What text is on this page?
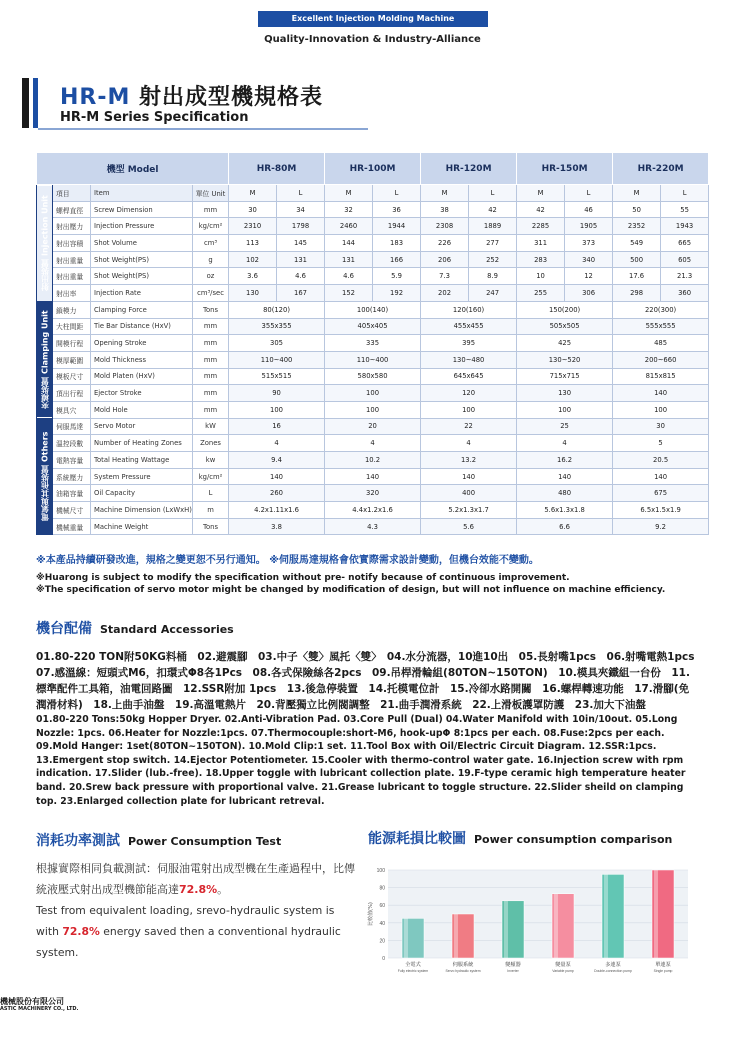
Excellent Injection Molding Machine
Quality-Innovation & Industry-Alliance
HR-M 射出成型機規格表
HR-M Series Specification
機型 Model				HR-80M		HR-100M		HR-120M		HR-150M		HR-220M	
射出裝置 Injection Unit	項目	Item	單位 Unit	M	L	M	L	M	L	M	L	M	L
	螺桿直徑	Screw Dimension	mm	30	34	32	36	38	42	42	46	50	55
	射出壓力	Injection Pressure	kg/cm²	2310	1798	2460	1944	2308	1889	2285	1905	2352	1943
	射出容積	Shot Volume	cm³	113	145	144	183	226	277	311	373	549	665
	射出重量	Shot Weight(PS)	g	102	131	131	166	206	252	283	340	500	605
	射出重量	Shot Weight(PS)	oz	3.6	4.6	4.6	5.9	7.3	8.9	10	12	17.6	21.3
	射出率	Injection Rate	cm³/sec	130	167	152	192	202	247	255	306	298	360
夾模裝置 Clamping Unit	鎖模力	Clamping Force	Tons	80(120)		100(140)		120(160)		150(200)		220(300)	
	大柱間距	Tie Bar Distance (HxV)	mm	355x355		405x405		455x455		505x505		555x555	
	開模行程	Opening Stroke	mm	305		335		395		425		485	
	模厚範圍	Mold Thickness	mm	110~400		110~400		130~480		130~520		200~660	
	模板尺寸	Mold Platen (HxV)	mm	515x515		580x580		645x645		715x715		815x815	
	頂出行程	Ejector Stroke	mm	90		100		120		130		140	
	模具穴	Mold Hole	mm	100		100		100		100		100	
電氣與其他裝置 Others	伺服馬達	Servo Motor	kW	16		20		22		25		30	
	溫控段數	Number of Heating Zones	Zones	4		4		4		4		5	
	電熱容量	Total Heating Wattage	kw	9.4		10.2		13.2		16.2		20.5	
	系統壓力	System Pressure	kg/cm²	140		140		140		140		140	
	油箱容量	Oil Capacity	L	260		320		400		480		675	
	機械尺寸	Machine Dimension (LxWxH)	m	4.2x1.11x1.6		4.4x1.2x1.6		5.2x1.3x1.7		5.6x1.3x1.8		6.5x1.5x1.9	
	機械重量	Machine Weight	Tons	3.8		4.3		5.6		6.6		9.2	
※本產品持續研發改進，規格之變更恕不另行通知。 ※伺服馬達規格會依實際需求設計變動，但機台效能不變動。
※Huarong is subject to modify the specification without pre- notify because of continuous improvement.
※The specification of servo motor might be changed by modification of design, but will not influence on machine efficiency.
機台配備 Standard Accessories
01.80-220 TON附50KG料桶　02.避震腳　03.中子〈雙〉風托〈雙〉　04.水分流器，10進10出　05.長射嘴1pcs　06.射嘴電熱1pcs　07.感溫線：短頭式M6，扣環式Φ8各1Pcs　08.各式保險絲各2pcs　09.吊桿滑輪組(80TON~150TON)　10.模具夾鐵組一台份　11.標準配件工具箱，油電回路圖　12.SSR附加 1pcs　13.後急停裝置　14.托模電位計　15.冷卻水路開關　16.螺桿轉速功能　17.滑腳(免潤滑材料)　18.上曲手油盤　19.高溫電熱片　20.背壓獨立比例閥調整　21.曲手潤滑系統　22.上滑板護罩防護　23.加大下油盤
01.80-220 Tons:50kg Hopper Dryer. 02.Anti-Vibration Pad. 03.Core Pull (Dual) 04.Water Manifold with 10in/10out. 05.Long Nozzle: 1pcs. 06.Heater for Nozzle:1pcs. 07.Thermocouple:short-M6, hook-upΦ 8:1pcs per each. 08.Fuse:2pcs per each. 09.Mold Hanger: 1set(80TON~150TON). 10.Mold Clip:1 set. 11.Tool Box with Oil/Electric Circuit Diagram. 12.SSR:1pcs. 13.Emergent stop switch. 14.Ejector Potentiometer. 15.Cooler with thermo-control water gate. 16.Injection screw with rpm indication. 17.Slider (lub.-free). 18.Upper toggle with lubricant collection plate. 19.F-type ceramic high temperature heater band. 20.Srew back pressure with proportional valve. 21.Grease lubricant to toggle structure. 22.Slider sheild on clamping top. 23.Enlarged collection plate for lubricant retreval.
消耗功率測試 Power Consumption Test
根據實際相同負載測試：伺服油電射出成型機在生產過程中，比傳統液壓式射出成型機節能高達72.8%。
Test from equivalent loading, srevo-hydraulic system is with 72.8% energy saved then a conventional hydraulic system.
能源耗損比較圖 Power consumption comparison
0
20
40
60
80
100
比較值(%)
全電式
Fully electric system
伺服系統
Servo hydraulic system
變頻器
Inverter
變量泵
Variable pump
多連泵
Double-connection pump
單連泵
Single pump
機械股份有限公司
ASTIC MACHINERY CO., LTD.
